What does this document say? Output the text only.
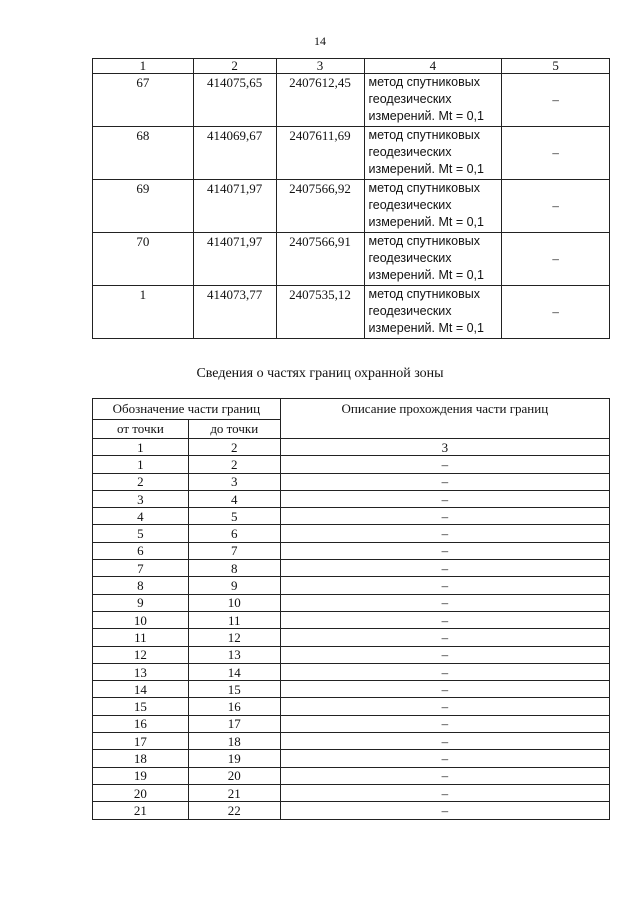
14
1	2	3	4	5
67	414075,65	2407612,45	метод спутниковых геодезических измерений. Mt = 0,1	–
68	414069,67	2407611,69	метод спутниковых геодезических измерений. Mt = 0,1	–
69	414071,97	2407566,92	метод спутниковых геодезических измерений. Mt = 0,1	–
70	414071,97	2407566,91	метод спутниковых геодезических измерений. Mt = 0,1	–
1	414073,77	2407535,12	метод спутниковых геодезических измерений. Mt = 0,1	–
Сведения о частях границ охранной зоны
Обозначение части границ		Описание прохождения части границ
от точки	до точки	
1	2	3
1	2	–
2	3	–
3	4	–
4	5	–
5	6	–
6	7	–
7	8	–
8	9	–
9	10	–
10	11	–
11	12	–
12	13	–
13	14	–
14	15	–
15	16	–
16	17	–
17	18	–
18	19	–
19	20	–
20	21	–
21	22	–
